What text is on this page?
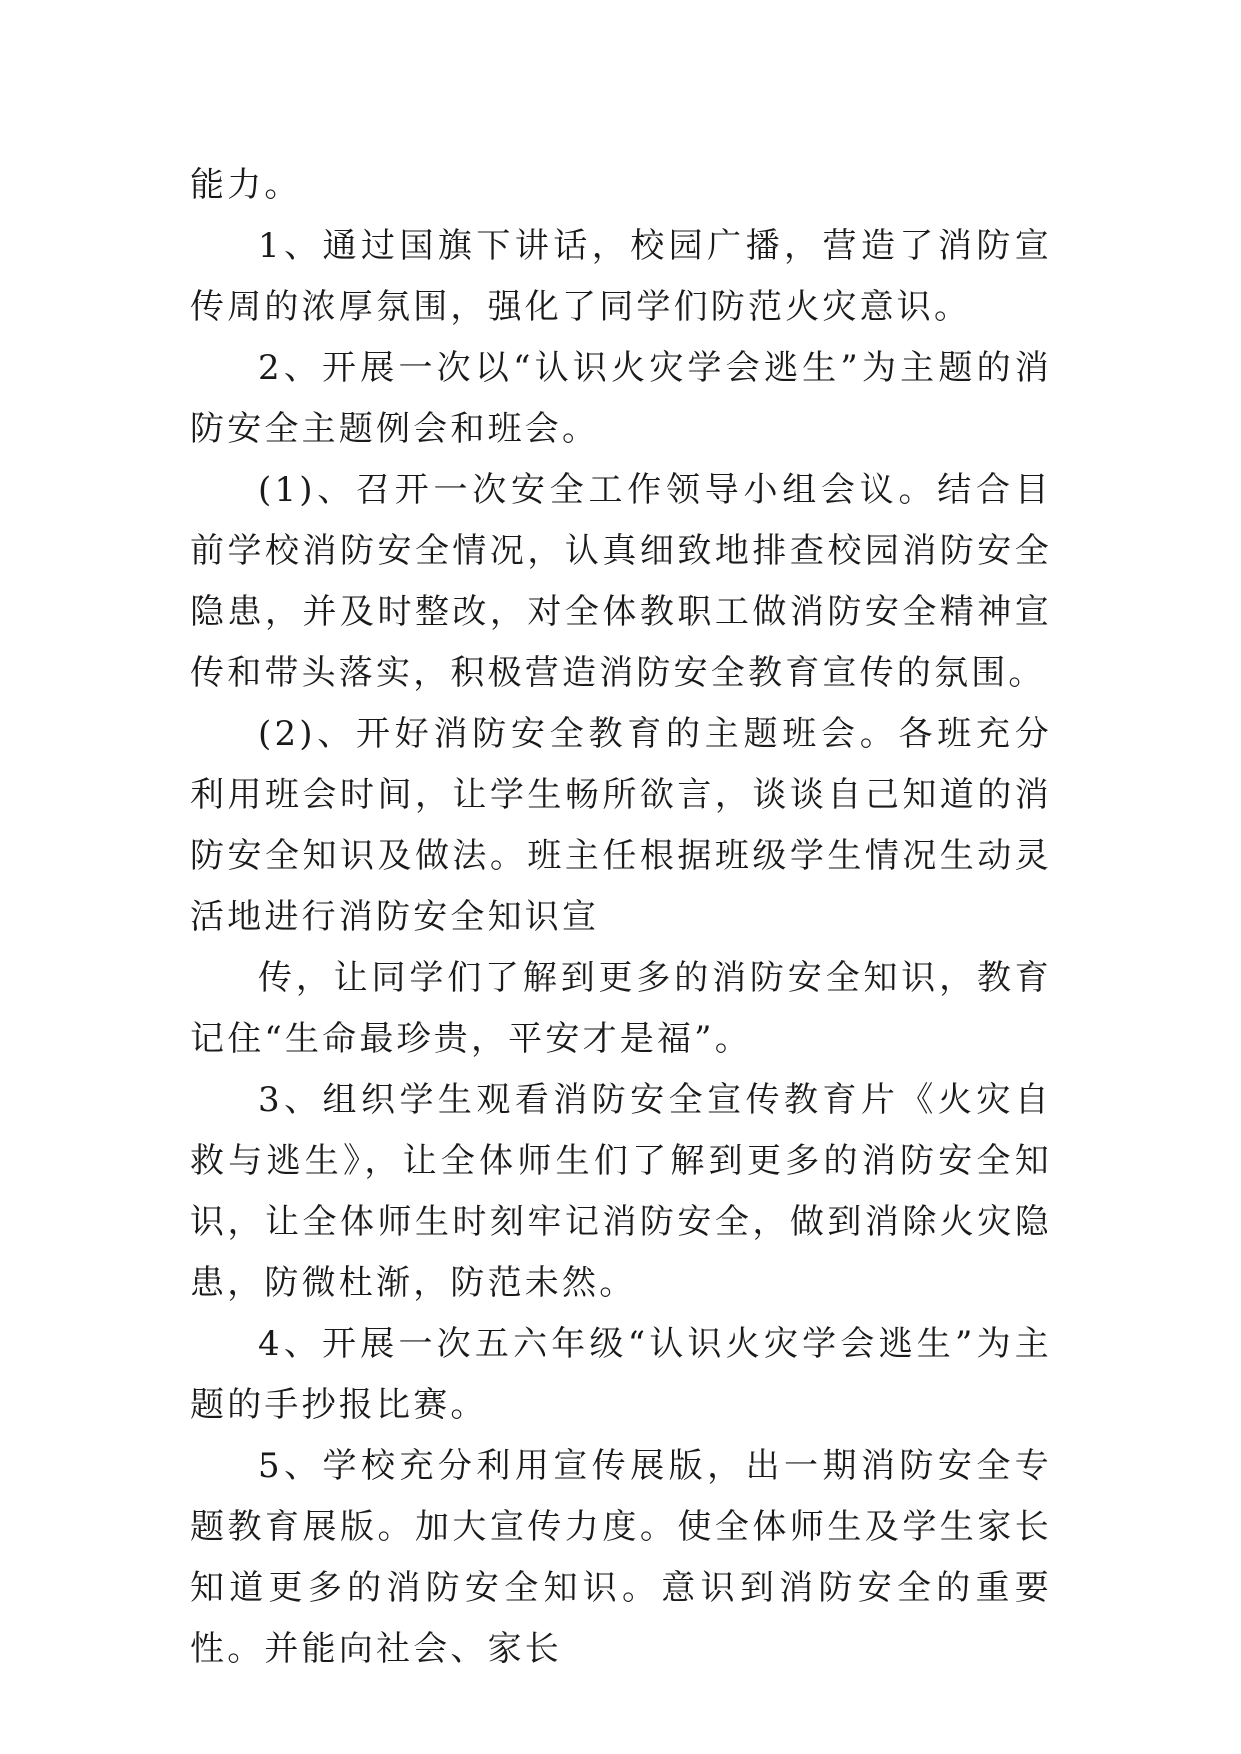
能力。

1、通过国旗下讲话，校园广播，营造了消防宣传周的浓厚氛围，强化了同学们防范火灾意识。

2、开展一次以“认识火灾学会逃生”为主题的消防安全主题例会和班会。

(1)、召开一次安全工作领导小组会议。结合目前学校消防安全情况，认真细致地排查校园消防安全隐患，并及时整改，对全体教职工做消防安全精神宣传和带头落实，积极营造消防安全教育宣传的氛围。

(2)、开好消防安全教育的主题班会。各班充分利用班会时间，让学生畅所欲言，谈谈自己知道的消防安全知识及做法。班主任根据班级学生情况生动灵活地进行消防安全知识宣

传，让同学们了解到更多的消防安全知识，教育记住“生命最珍贵，平安才是福”。

3、组织学生观看消防安全宣传教育片《火灾自救与逃生》，让全体师生们了解到更多的消防安全知识，让全体师生时刻牢记消防安全，做到消除火灾隐患，防微杜渐，防范未然。

4、开展一次五六年级“认识火灾学会逃生”为主题的手抄报比赛。

5、学校充分利用宣传展版，出一期消防安全专题教育展版。加大宣传力度。使全体师生及学生家长知道更多的消防安全知识。意识到消防安全的重要性。并能向社会、家长
